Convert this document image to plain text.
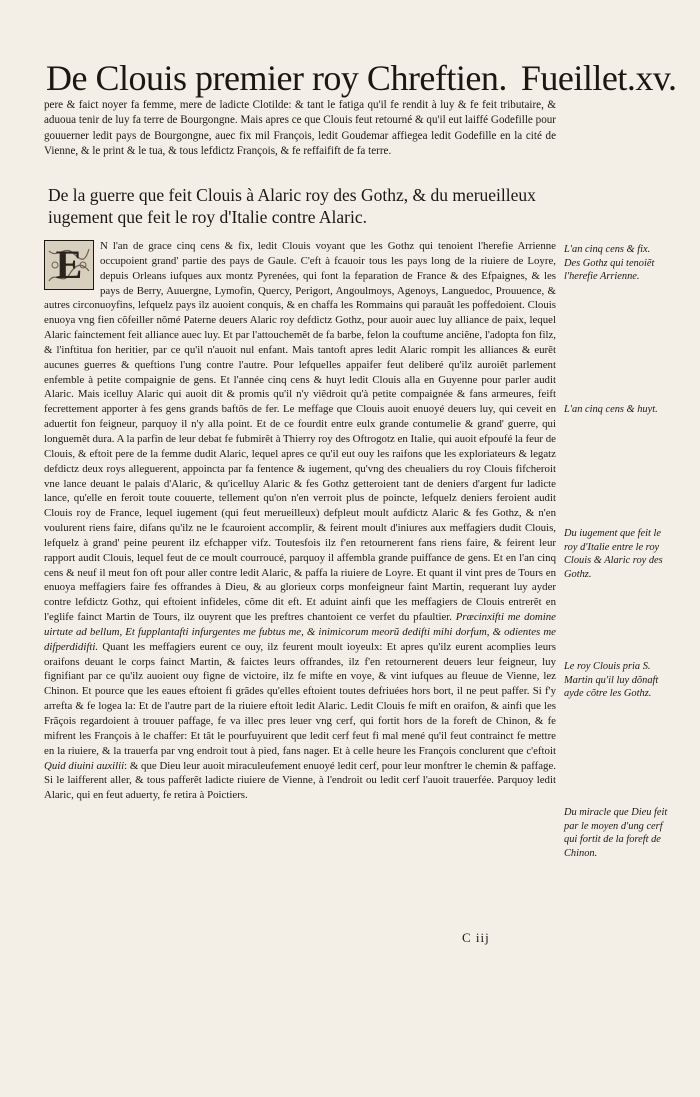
De Clouis premier roy Chreftien. Fueillet.xv.
pere & faict noyer fa femme, mere de ladicte Clotilde: & tant le fatiga qu'il fe rendit à luy & fe feit tributaire, & aduoua tenir de luy fa terre de Bourgongne. Mais apres ce que Clouis feut retourné & qu'il eut laiffé Godefille pour gouuerner ledit pays de Bourgongne, auec fix mil François, ledit Goudemar affiegea ledit Godefille en la cité de Vienne, & le print & le tua, & tous lefdictz François, & fe reffaifift de fa terre.
De la guerre que feit Clouis à Alaric roy des Gothz, & du merueilleux iugement que feit le roy d'Italie contre Alaric.
E	N l'an de grace cinq cens & fix, ledit Clouis voyant que les Gothz qui tenoient l'herefie Arrienne occupoient grand' partie des pays de Gaule. C'eft à fcauoir tous les pays long de la riuiere de Loyre, depuis Orleans iufques aux montz Pyrenées, qui font la feparation de France & des Efpaignes, & les pays de Berry, Auuergne, Lymofin, Quercy, Perigort, Angoulmoys, Agenoys, Languedoc, Prouuence, & autres circonuoyfins, lefquelz pays ilz auoient conquis, & en chaffa les Rommains qui parauãt les poffedoient. Clouis enuoya vng fien cõfeiller nõmé Paterne deuers Alaric roy defdictz Gothz, pour auoir auec luy alliance de paix, lequel Alaric fainctement feit alliance auec luy. Et par l'attouchemẽt de fa barbe, felon la couftume anciẽne, l'adopta fon filz, & l'inftitua fon heritier, par ce qu'il n'auoit nul enfant. Mais tantoft apres ledit Alaric rompit les alliances & eurẽt aucunes guerres & queftions l'ung contre l'autre. Pour lefquelles appaifer feut deliberé qu'ilz auroiẽt parlement enfemble à petite compaignie de gens. Et l'année cinq cens & huyt ledit Clouis alla en Guyenne pour parler audit Alaric. Mais icelluy Alaric qui auoit dit & promis qu'il n'y viẽdroit qu'à petite compaignée & fans armeures, feift fecrettement apporter à fes gens grands baftõs de fer. Le meffage que Clouis auoit enuoyé deuers luy, qui ceveit en aduertit fon feigneur, parquoy il n'y alla point. Et de ce fourdit entre eulx grande contumelie & grand' guerre, qui longuemẽt dura. A la parfin de leur debat fe fubmirẽt à Thierry roy des Oftrogotz en Italie, qui auoit efpoufé la feur de Clouis, & eftoit pere de la femme dudit Alaric, lequel apres ce qu'il eut ouy les raifons que les exploriateurs & legatz defdictz deux roys alleguerent, appoincta par fa fentence & iugement, qu'vng des cheualiers du roy Clouis fifcheroit vne lance deuant le palais d'Alaric, & qu'icelluy Alaric & fes Gothz getteroient tant de deniers d'argent fur ladicte lance, qu'elle en feroit toute couuerte, tellement qu'on n'en verroit plus de poincte, lefquelz deniers feroient audit Clouis roy de France, lequel iugement (qui feut merueilleux) defpleut moult aufdictz Alaric & fes Gothz, & n'en voulurent riens faire, difans qu'ilz ne le fcauroient accomplir, & feirent moult d'iniures aux meffagiers dudit Clouis, lefquelz à grand' peine peurent ilz efchapper vifz. Toutesfois ilz f'en retournerent fans riens faire, & feirent leur rapport audit Clouis, lequel feut de ce moult courroucé, parquoy il affembla grande puiffance de gens. Et en l'an cinq cens & neuf il meut fon oft pour aller contre ledit Alaric, & paffa la riuiere de Loyre. Et quant il vint pres de Tours en enuoya meffagiers faire fes offrandes à Dieu, & au glorieux corps monfeigneur faint Martin, requerant luy ayder contre lefdictz Gothz, qui eftoient infideles, cõme dit eft. Et aduint ainfi que les meffagiers de Clouis entrerẽt en l'eglife fainct Martin de Tours, ilz ouyrent que les preftres chantoient ce verfet du pfaultier. Præcinxifti me domine uirtute ad bellum, Et fupplantafti infurgentes me fubtus me, & inimicorum meorũ dedifti mihi dorfum, & odientes me difperdidifti. Quant les meffagiers eurent ce ouy, ilz feurent moult ioyeulx: Et apres qu'ilz eurent acomplies leurs oraifons deuant le corps fainct Martin, & faictes leurs offrandes, ilz f'en retournerent deuers leur feigneur, luy fignifiant par ce qu'ilz auoient ouy figne de victoire, ilz fe mifte en voye, & vint iufques au fleuue de Vienne, lez Chinon. Et pource que les eaues eftoient fi grãdes qu'elles eftoient toutes defriuées hors bort, il ne peut paffer. Si f'y arrefta & fe logea la: Et de l'autre part de la riuiere eftoit ledit Alaric. Ledit Clouis fe mift en oraifon, & ainfi que les Frãçois regardoient à trouuer paffage, fe va illec pres leuer vng cerf, qui fortit hors de la foreft de Chinon, & fe mifrent les François à le chaffer: Et tãt le pourfuyuirent que ledit cerf feut fi mal mené qu'il feut contrainct fe mettre en la riuiere, & la trauerfa par vng endroit tout à pied, fans nager. Et à celle heure les François conclurent que c'eftoit Quid diuini auxilii: & que Dieu leur auoit miraculeufement enuoyé ledit cerf, pour leur monftrer le chemin & paffage. Si le laifferent aller, & tous pafferẽt ladicte riuiere de Vienne, à l'endroit ou ledit cerf l'auoit trauerfée. Parquoy ledit Alaric, qui en feut aduerty, fe retira à Poictiers.
L'an cinq cens & fix.
Des Gothz qui tenoiẽt l'herefie Arrienne.
L'an cinq cens & huyt.
Du iugement que feit le roy d'Italie entre le roy Clouis & Alaric roy des Gothz.
Le roy Clouis pria S. Martin qu'il luy dõnaft ayde cõtre les Gothz.
Du miracle que Dieu feit par le moyen d'ung cerf qui fortit de la foreft de Chinon.
C iij
